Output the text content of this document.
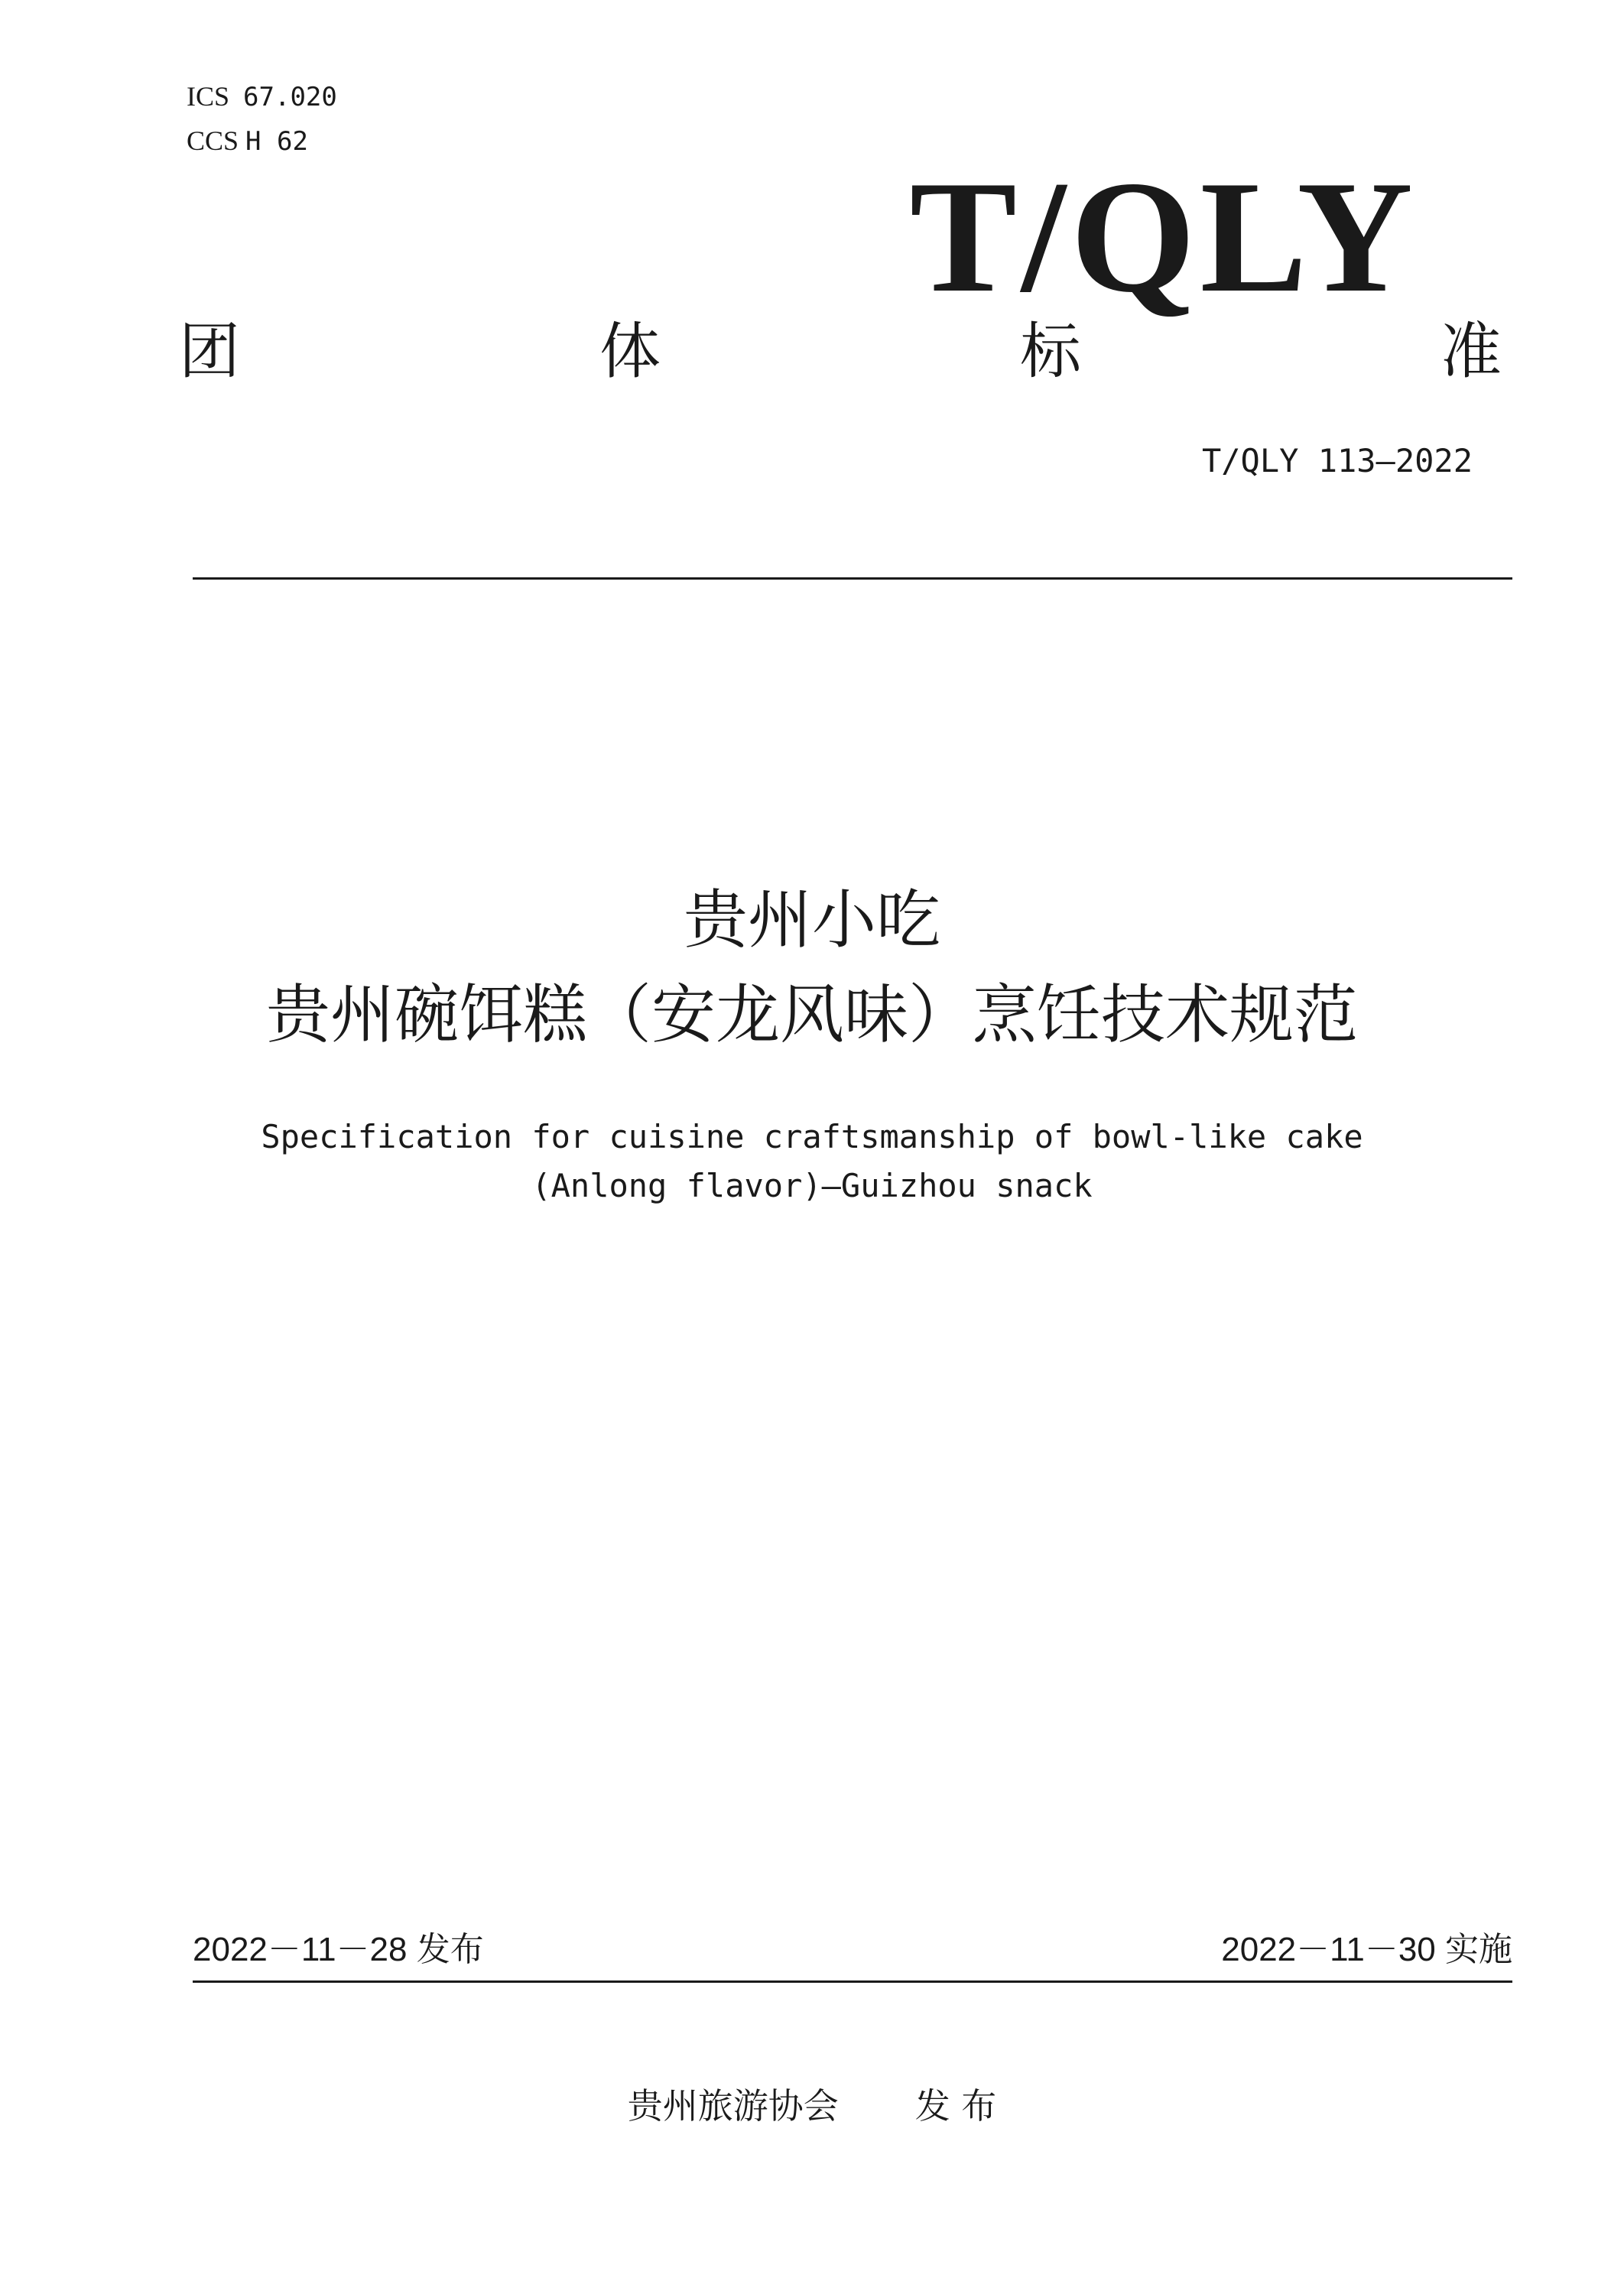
ICS 67.020
CCS H 62
T/QLY
团	体	标	准
T/QLY 113—2022
贵州小吃
贵州碗饵糕（安龙风味）烹饪技术规范
Specification for cuisine craftsmanship of bowl-like cake
(Anlong flavor)—Guizhou snack
2022－11－28 发布	2022－11－30 实施
贵州旅游协会 发 布
